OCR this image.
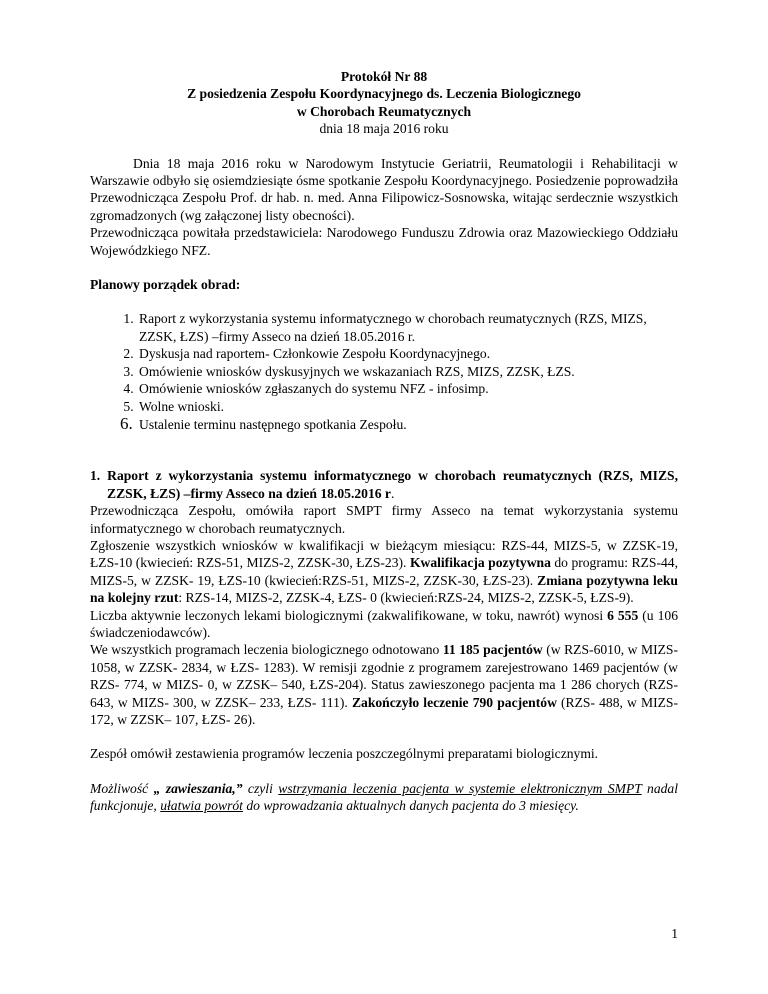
Protokół Nr 88
Z posiedzenia Zespołu Koordynacyjnego ds. Leczenia Biologicznego
w Chorobach Reumatycznych
dnia 18 maja 2016 roku
Dnia 18 maja 2016 roku w Narodowym Instytucie Geriatrii, Reumatologii i Rehabilitacji w Warszawie odbyło się osiemdziesiąte ósme spotkanie Zespołu Koordynacyjnego. Posiedzenie poprowadziła Przewodnicząca Zespołu Prof. dr hab. n. med. Anna Filipowicz-Sosnowska, witając serdecznie wszystkich zgromadzonych (wg załączonej listy obecności).
Przewodnicząca powitała przedstawiciela: Narodowego Funduszu Zdrowia oraz Mazowieckiego Oddziału Wojewódzkiego NFZ.
Planowy porządek obrad:
1. Raport z wykorzystania systemu informatycznego w chorobach reumatycznych (RZS, MIZS, ZZSK, ŁZS) –firmy Asseco na dzień 18.05.2016 r.
2. Dyskusja nad raportem- Członkowie Zespołu Koordynacyjnego.
3. Omówienie wniosków dyskusyjnych we wskazaniach RZS, MIZS, ZZSK, ŁZS.
4. Omówienie wniosków zgłaszanych do systemu NFZ - infosimp.
5. Wolne wnioski.
6. Ustalenie terminu następnego spotkania Zespołu.
1. Raport z wykorzystania systemu informatycznego w chorobach reumatycznych (RZS, MIZS, ZZSK, ŁZS) –firmy Asseco na dzień 18.05.2016 r.
Przewodnicząca Zespołu, omówiła raport SMPT firmy Asseco na temat wykorzystania systemu informatycznego w chorobach reumatycznych.
Zgłoszenie wszystkich wniosków w kwalifikacji w bieżącym miesiącu: RZS-44, MIZS-5, w ZZSK-19, ŁZS-10 (kwiecień: RZS-51, MIZS-2, ZZSK-30, ŁZS-23). Kwalifikacja pozytywna do programu: RZS-44, MIZS-5, w ZZSK- 19, ŁZS-10 (kwiecień:RZS-51, MIZS-2, ZZSK-30, ŁZS-23). Zmiana pozytywna leku na kolejny rzut: RZS-14, MIZS-2, ZZSK-4, ŁZS- 0 (kwiecień:RZS-24, MIZS-2, ZZSK-5, ŁZS-9).
Liczba aktywnie leczonych lekami biologicznymi (zakwalifikowane, w toku, nawrót) wynosi 6 555 (u 106 świadczeniodawców).
We wszystkich programach leczenia biologicznego odnotowano 11 185 pacjentów (w RZS-6010, w MIZS-1058, w ZZSK- 2834, w ŁZS- 1283). W remisji zgodnie z programem zarejestrowano 1469 pacjentów (w RZS- 774, w MIZS- 0, w ZZSK– 540, ŁZS-204). Status zawieszonego pacjenta ma 1 286 chorych (RZS- 643, w MIZS- 300, w ZZSK– 233, ŁZS- 111). Zakończyło leczenie 790 pacjentów (RZS- 488, w MIZS- 172, w ZZSK– 107, ŁZS- 26).
Zespół omówił zestawienia programów leczenia poszczególnymi preparatami biologicznymi.
Możliwość „ zawieszania,” czyli wstrzymania leczenia pacjenta w systemie elektronicznym SMPT nadal funkcjonuje, ułatwia powrót do wprowadzania aktualnych danych pacjenta do 3 miesięcy.
1
